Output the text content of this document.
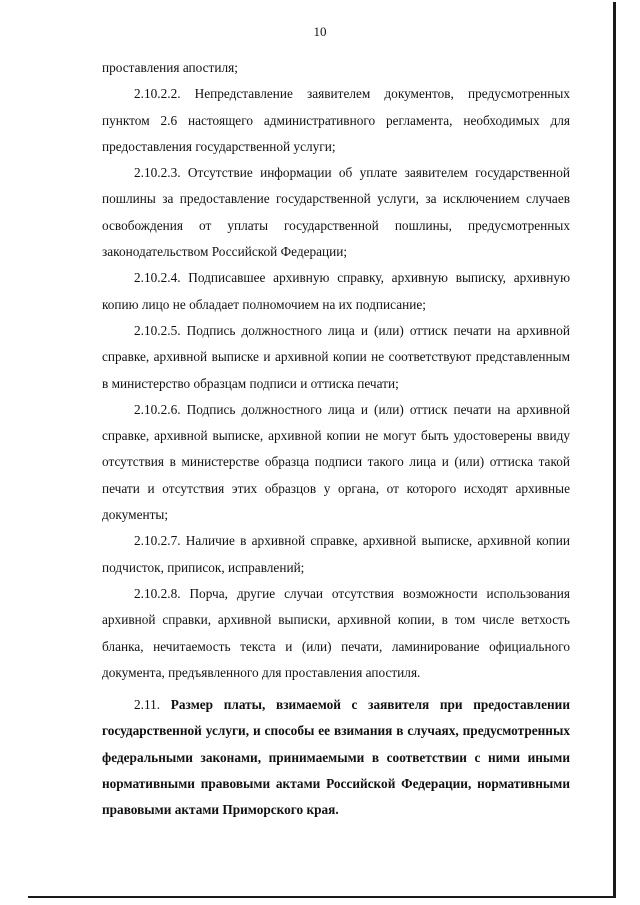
10

проставления апостиля;

2.10.2.2. Непредставление заявителем документов, предусмотренных пунктом 2.6 настоящего административного регламента, необходимых для предоставления государственной услуги;

2.10.2.3. Отсутствие информации об уплате заявителем государственной пошлины за предоставление государственной услуги, за исключением случаев освобождения от уплаты государственной пошлины, предусмотренных законодательством Российской Федерации;

2.10.2.4. Подписавшее архивную справку, архивную выписку, архивную копию лицо не обладает полномочием на их подписание;

2.10.2.5. Подпись должностного лица и (или) оттиск печати на архивной справке, архивной выписке и архивной копии не соответствуют представленным в министерство образцам подписи и оттиска печати;

2.10.2.6. Подпись должностного лица и (или) оттиск печати на архивной справке, архивной выписке, архивной копии не могут быть удостоверены ввиду отсутствия в министерстве образца подписи такого лица и (или) оттиска такой печати и отсутствия этих образцов у органа, от которого исходят архивные документы;

2.10.2.7. Наличие в архивной справке, архивной выписке, архивной копии подчисток, приписок, исправлений;

2.10.2.8. Порча, другие случаи отсутствия возможности использования архивной справки, архивной выписки, архивной копии, в том числе ветхость бланка, нечитаемость текста и (или) печати, ламинирование официального документа, предъявленного для проставления апостиля.

2.11. Размер платы, взимаемой с заявителя при предоставлении государственной услуги, и способы ее взимания в случаях, предусмотренных федеральными законами, принимаемыми в соответствии с ними иными нормативными правовыми актами Российской Федерации, нормативными правовыми актами Приморского края.
